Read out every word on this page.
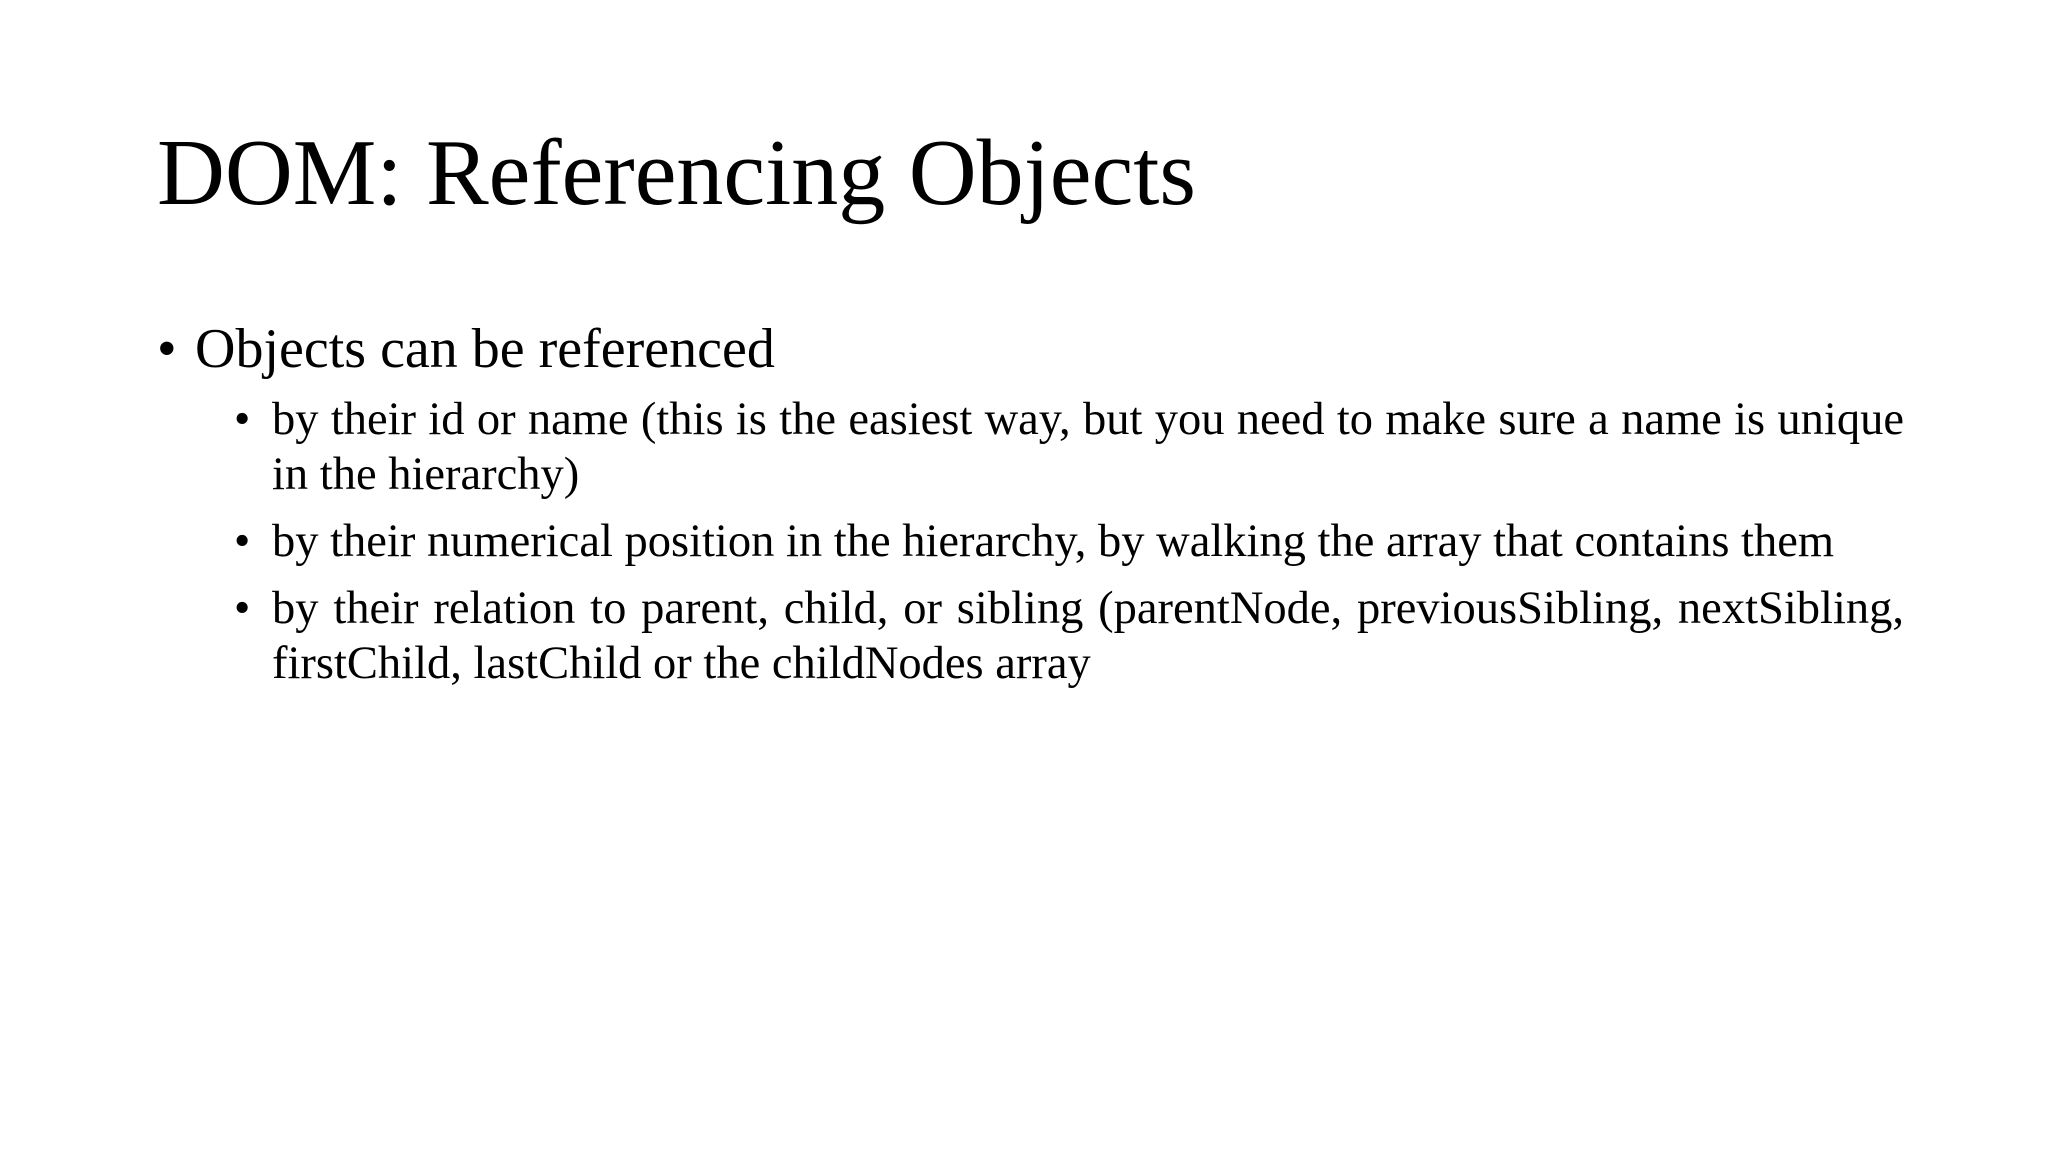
DOM: Referencing Objects
• Objects can be referenced
• by their id or name (this is the easiest way, but you need to make sure a name is unique in the hierarchy)
• by their numerical position in the hierarchy, by walking the array that contains them
• by their relation to parent, child, or sibling (parentNode, previousSibling, nextSibling, firstChild, lastChild or the childNodes array
